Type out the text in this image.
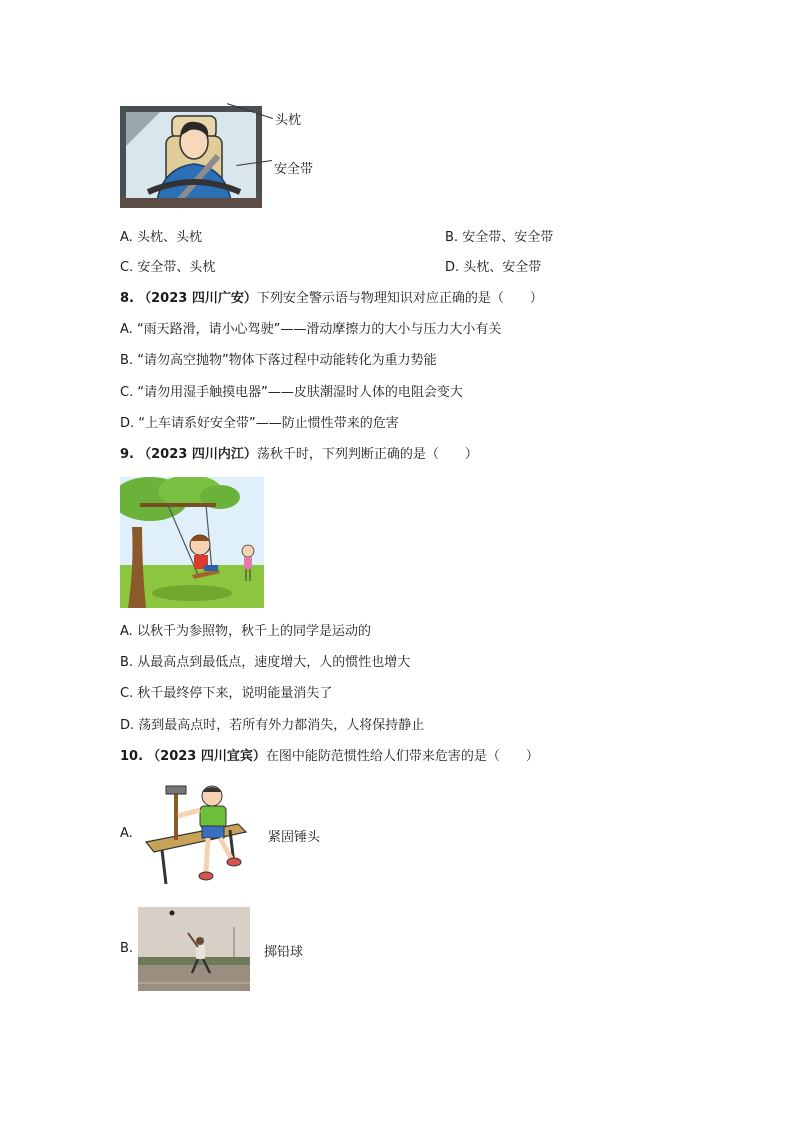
头枕
安全带
A. 头枕、头枕	B. 安全带、安全带
C. 安全带、头枕	D. 头枕、安全带
8. （2023 四川广安）下列安全警示语与物理知识对应正确的是（　　）
A. “雨天路滑，请小心驾驶”——滑动摩擦力的大小与压力大小有关
B. “请勿高空抛物”物体下落过程中动能转化为重力势能
C. “请勿用湿手触摸电器”——皮肤潮湿时人体的电阻会变大
D. “上车请系好安全带”——防止惯性带来的危害
9. （2023 四川内江）荡秋千时，下列判断正确的是（　　）
A. 以秋千为参照物，秋千上的同学是运动的
B. 从最高点到最低点，速度增大，人的惯性也增大
C. 秋千最终停下来，说明能量消失了
D. 荡到最高点时，若所有外力都消失，人将保持静止
10. （2023 四川宜宾）在图中能防范惯性给人们带来危害的是（　　）
A.	紧固锤头
B.	掷铅球
